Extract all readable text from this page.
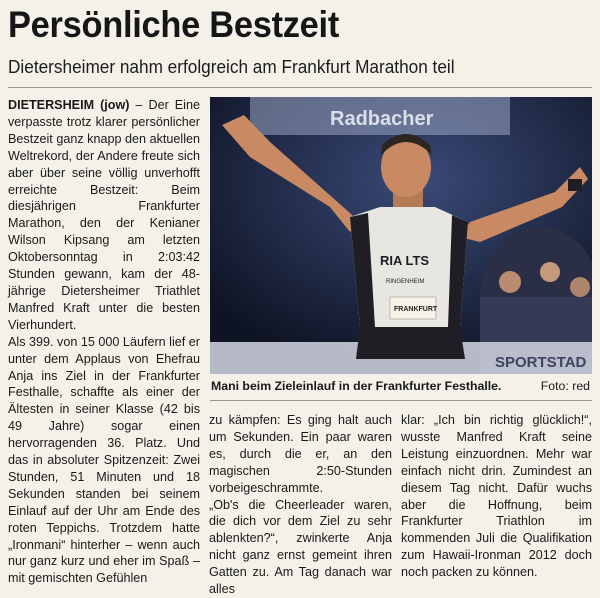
Persönliche Bestzeit
Dietersheimer nahm erfolgreich am Frankfurt Marathon teil

DIETERSHEIM (jow) – Der Eine verpasste trotz klarer persönlicher Bestzeit ganz knapp den aktuellen Weltrekord, der Andere freute sich aber über seine völlig unverhofft erreichte Bestzeit: Beim diesjährigen Frankfurter Marathon, den der Kenianer Wilson Kipsang am letzten Oktobersonntag in 2:03:42 Stunden gewann, kam der 48-jährige Dietersheimer Triathlet Manfred Kraft unter die besten Vierhundert.

Als 399. von 15 000 Läufern lief er unter dem Applaus von Ehefrau Anja ins Ziel in der Frankfurter Festhalle, schaffte als einer der Ältesten in seiner Klasse (42 bis 49 Jahre) sogar einen hervorragenden 36. Platz. Und das in absoluter Spitzenzeit: Zwei Stunden, 51 Minuten und 18 Sekunden standen bei seinem Einlauf auf der Uhr am Ende des roten Teppichs. Trotzdem hatte „Ironmani“ hinterher – wenn auch nur ganz kurz und eher im Spaß – mit gemischten Gefühlen

Radbacher
SPORTSTAD
RIA LTS
RINGENHEIM
FRANKFURT
Mani beim Zieleinlauf in der Frankfurter Festhalle.	Foto: red

zu kämpfen: Es ging halt auch um Sekunden. Ein paar waren es, durch die er, an den magischen 2:50-Stunden vorbeigeschrammte.

„Ob's die Cheerleader waren, die dich vor dem Ziel zu sehr ablenkten?“, zwinkerte Anja nicht ganz ernst gemeint ihren Gatten zu. Am Tag danach war alles

klar: „Ich bin richtig glücklich!“, wusste Manfred Kraft seine Leistung einzuordnen. Mehr war einfach nicht drin. Zumindest an diesem Tag nicht. Dafür wuchs aber die Hoffnung, beim Frankfurter Triathlon im kommenden Juli die Qualifikation zum Hawaii-Ironman 2012 doch noch packen zu können.
